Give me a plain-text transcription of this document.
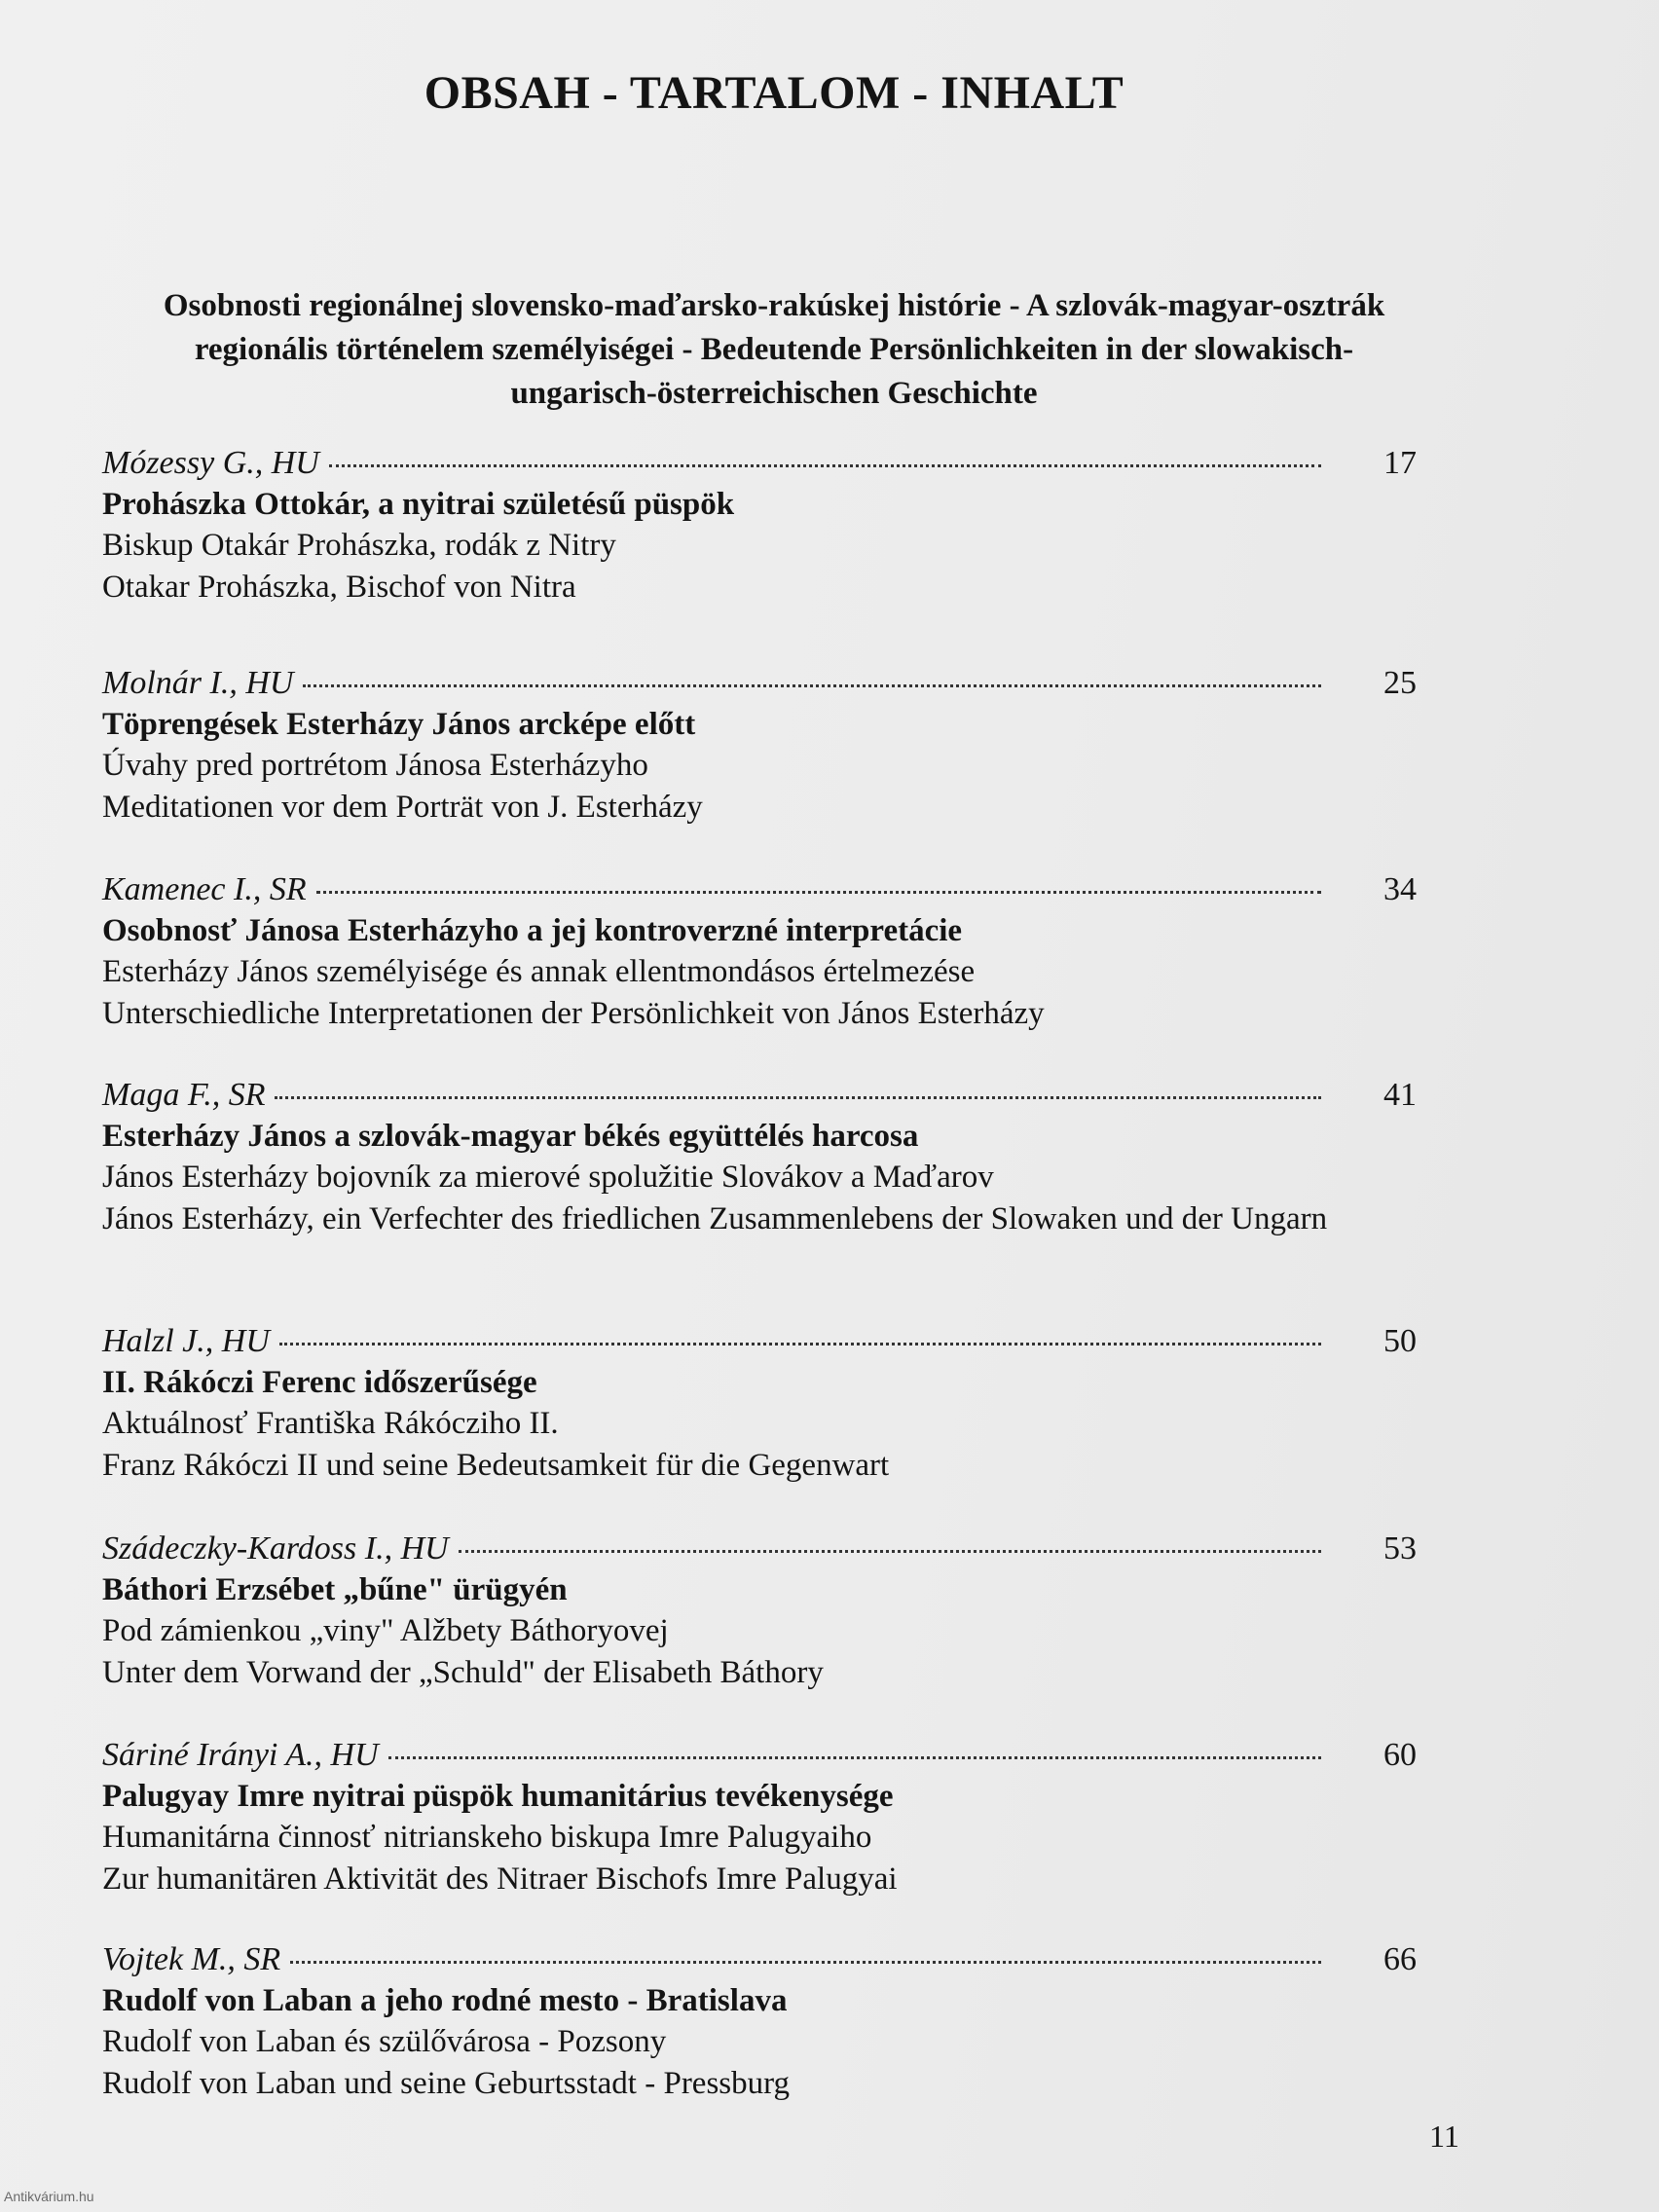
OBSAH - TARTALOM - INHALT
Osobnosti regionálnej slovensko-maďarsko-rakúskej histórie - A szlovák-magyar-osztrák regionális történelem személyiségei - Bedeutende Persönlichkeiten in der slowakisch-ungarisch-österreichischen Geschichte
Mózessy G., HU	17
Prohászka Ottokár, a nyitrai születésű püspök
Biskup Otakár Prohászka, rodák z Nitry
Otakar Prohászka, Bischof von Nitra
Molnár I., HU	25
Töprengések Esterházy János arcképe előtt
Úvahy pred portrétom Jánosa Esterházyho
Meditationen vor dem Porträt von J. Esterházy
Kamenec I., SR	34
Osobnosť Jánosa Esterházyho a jej kontroverzné interpretácie
Esterházy János személyisége és annak ellentmondásos értelmezése
Unterschiedliche Interpretationen der Persönlichkeit von János Esterházy
Maga F., SR	41
Esterházy János a szlovák-magyar békés együttélés harcosa
János Esterházy bojovník za mierové spolužitie Slovákov a Maďarov
János Esterházy, ein Verfechter des friedlichen Zusammenlebens der Slowaken und der Ungarn
Halzl J., HU	50
II. Rákóczi Ferenc időszerűsége
Aktuálnosť Františka Rákócziho II.
Franz Rákóczi II und seine Bedeutsamkeit für die Gegenwart
Szádeczky-Kardoss I., HU	53
Báthori Erzsébet „bűne" ürügyén
Pod zámienkou „viny" Alžbety Báthoryovej
Unter dem Vorwand der „Schuld" der Elisabeth Báthory
Sáriné Irányi A., HU	60
Palugyay Imre nyitrai püspök humanitárius tevékenysége
Humanitárna činnosť nitrianskeho biskupa Imre Palugyaiho
Zur humanitären Aktivität des Nitraer Bischofs Imre Palugyai
Vojtek M., SR	66
Rudolf von Laban a jeho rodné mesto - Bratislava
Rudolf von Laban és szülővárosa - Pozsony
Rudolf von Laban und seine Geburtsstadt - Pressburg
11
Antikvárium.hu
